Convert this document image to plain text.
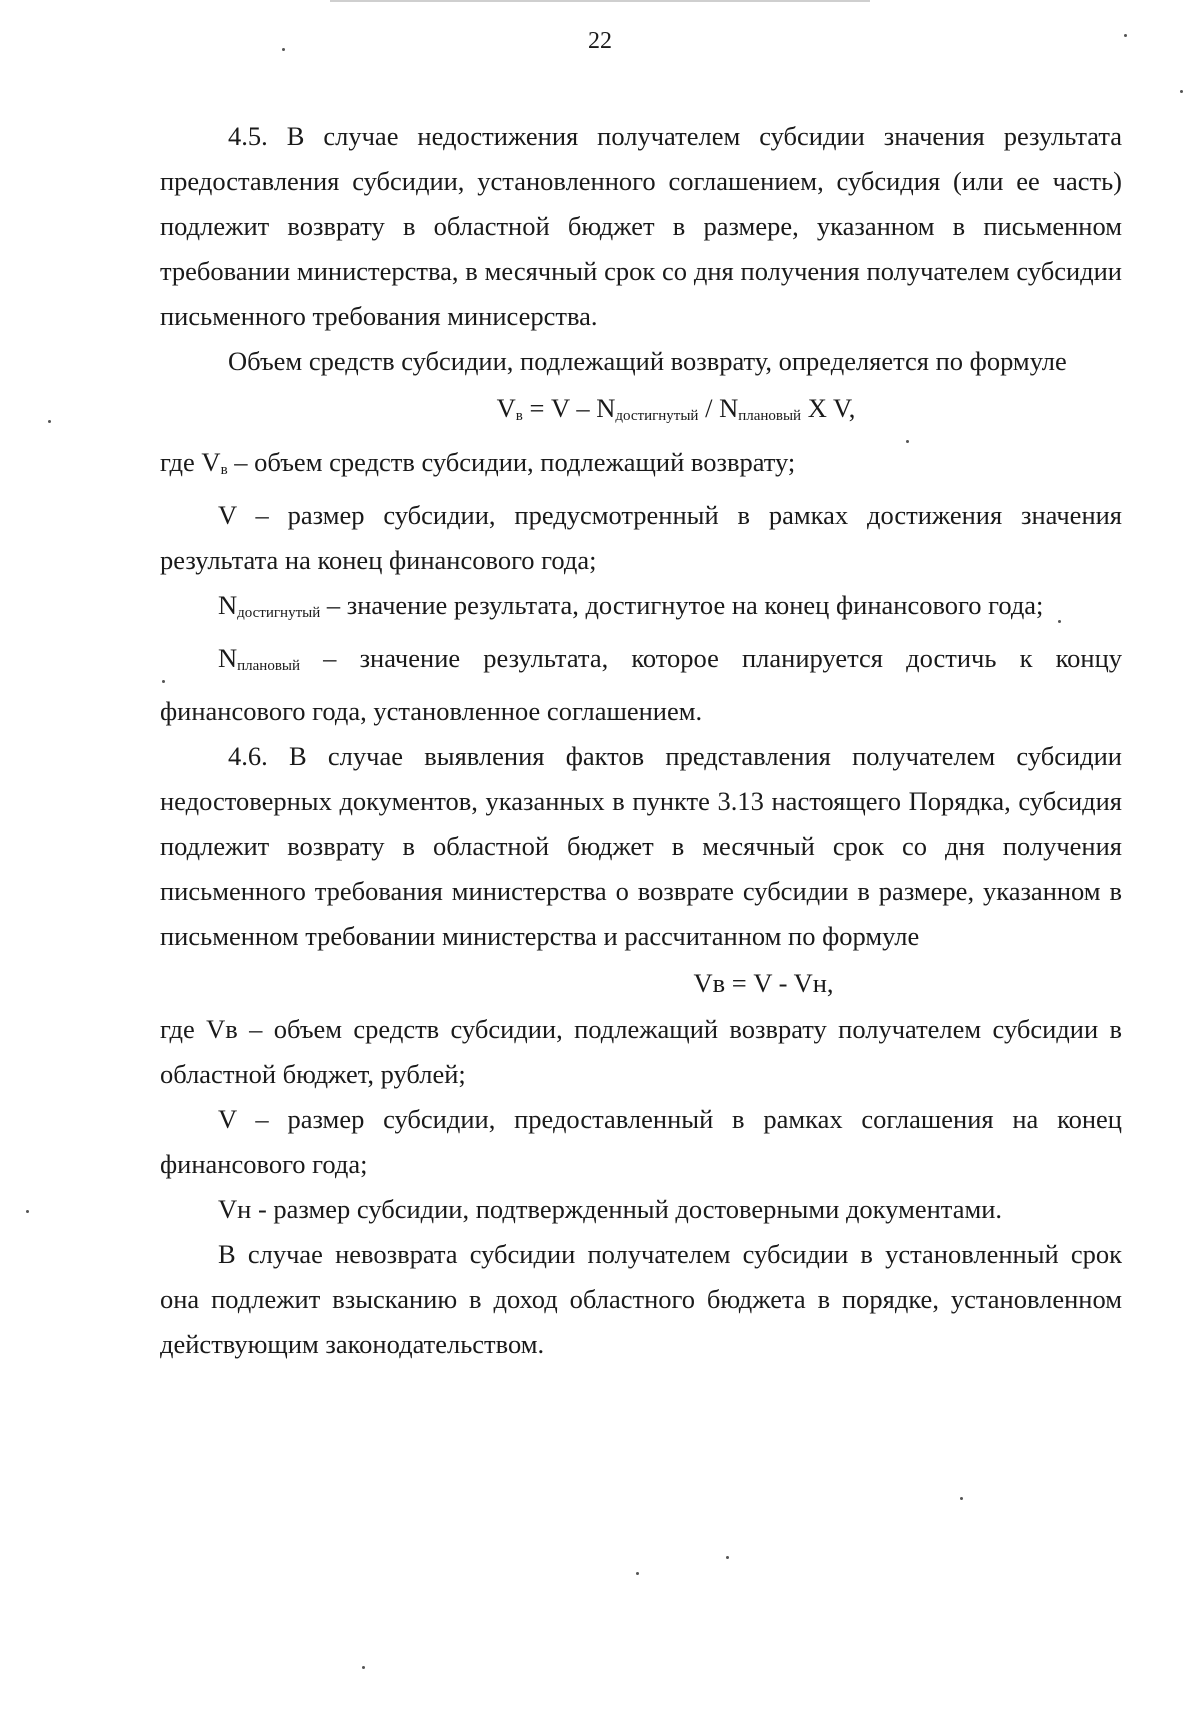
22

4.5. В случае недостижения получателем субсидии значения результата предоставления субсидии, установленного соглашением, субсидия (или ее часть) подлежит возврату в областной бюджет в размере, указанном в письменном требовании министерства, в месячный срок со дня получения получателем субсидии письменного требования минисерства.

Объем средств субсидии, подлежащий возврату, определяется по формуле

$V_в = V - N_{достигнутый} / N_{плановый}$ X V,

где $V_в$ – объем средств субсидии, подлежащий возврату;

V – размер субсидии, предусмотренный в рамках достижения значения результата на конец финансового года;

$N_{достигнутый}$ – значение результата, достигнутое на конец финансового года;

$N_{плановый}$ – значение результата, которое планируется достичь к концу финансового года, установленное соглашением.

4.6. В случае выявления фактов представления получателем субсидии недостоверных документов, указанных в пункте 3.13 настоящего Порядка, субсидия подлежит возврату в областной бюджет в месячный срок со дня получения письменного требования министерства о возврате субсидии в размере, указанном в письменном требовании министерства и рассчитанном по формуле

Vв = V - Vн,

где Vв – объем средств субсидии, подлежащий возврату получателем субсидии в областной бюджет, рублей;

V – размер субсидии, предоставленный в рамках соглашения на конец финансового года;

Vн - размер субсидии, подтвержденный достоверными документами.

В случае невозврата субсидии получателем субсидии в установленный срок она подлежит взысканию в доход областного бюджета в порядке, установленном действующим законодательством.
